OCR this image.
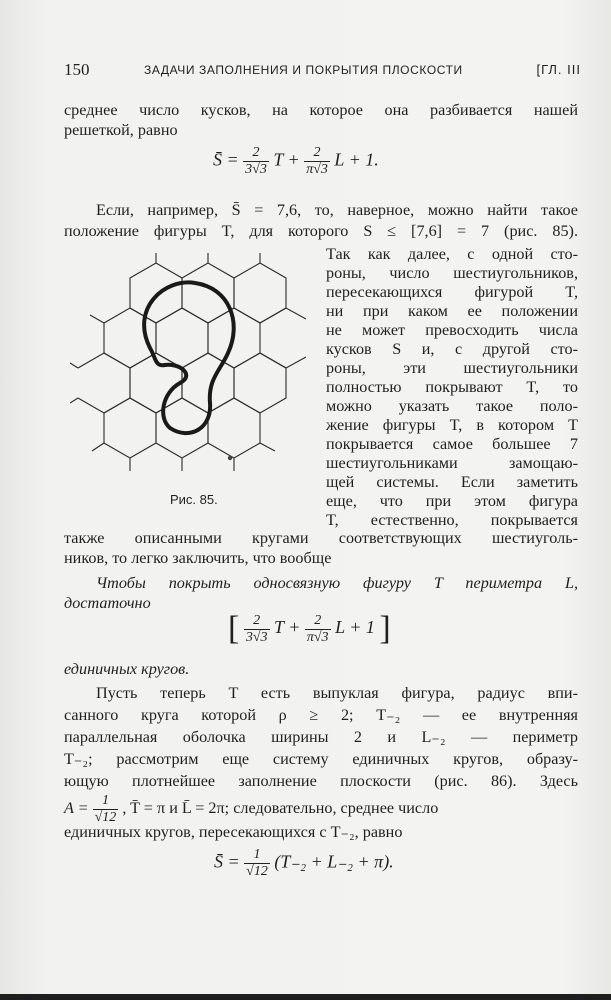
150	ЗАДАЧИ ЗАПОЛНЕНИЯ И ПОКРЫТИЯ ПЛОСКОСТИ	[ГЛ. III
среднее число кусков, на которое она разбивается нашей
решеткой, равно
S̄ = $\frac{2}{3√3}$ $T + \frac{2}{\pi√3}$ L + 1.
Если, например, S̄ = 7,6, то, наверное, можно найти такое
положение фигуры T, для которого S ≤ [7,6] = 7 (рис. 85).
Так как далее, с одной сто-
роны, число шестиугольников,
пересекающихся фигурой T,
ни при каком ее положении
не может превосходить числа
кусков S и, с другой сто-
роны, эти шестиугольники
полностью покрывают T, то
можно указать такое поло-
жение фигуры T, в котором T
покрывается самое большее 7
шестиугольниками замощаю-
щей системы. Если заметить
еще, что при этом фигура
T, естественно, покрывается
также описанными кругами соответствующих шестиуголь-
ников, то легко заключить, что вообще
Рис. 85.
Чтобы покрыть односвязную фигуру T периметра L,
достаточно
[ $\frac{2}{3√3}$ $T + \frac{2}{\pi√3}$ L + 1 ]
единичных кругов.
Пусть теперь T есть выпуклая фигура, радиус впи-
санного круга которой ρ ≥ 2; T₋₂ — ее внутренняя
параллельная оболочка ширины 2 и L₋₂ — периметр
T₋₂; рассмотрим еще систему единичных кругов, образу-
ющую плотнейшее заполнение плоскости (рис. 86). Здесь
$A = \frac{1}{√12}$ , T̄ = π и L̄ = 2π; следовательно, среднее число
единичных кругов, пересекающихся с T₋₂, равно
S̄ = $\frac{1}{√12} (T_{-2} + L_{-2} + \pi)$.
